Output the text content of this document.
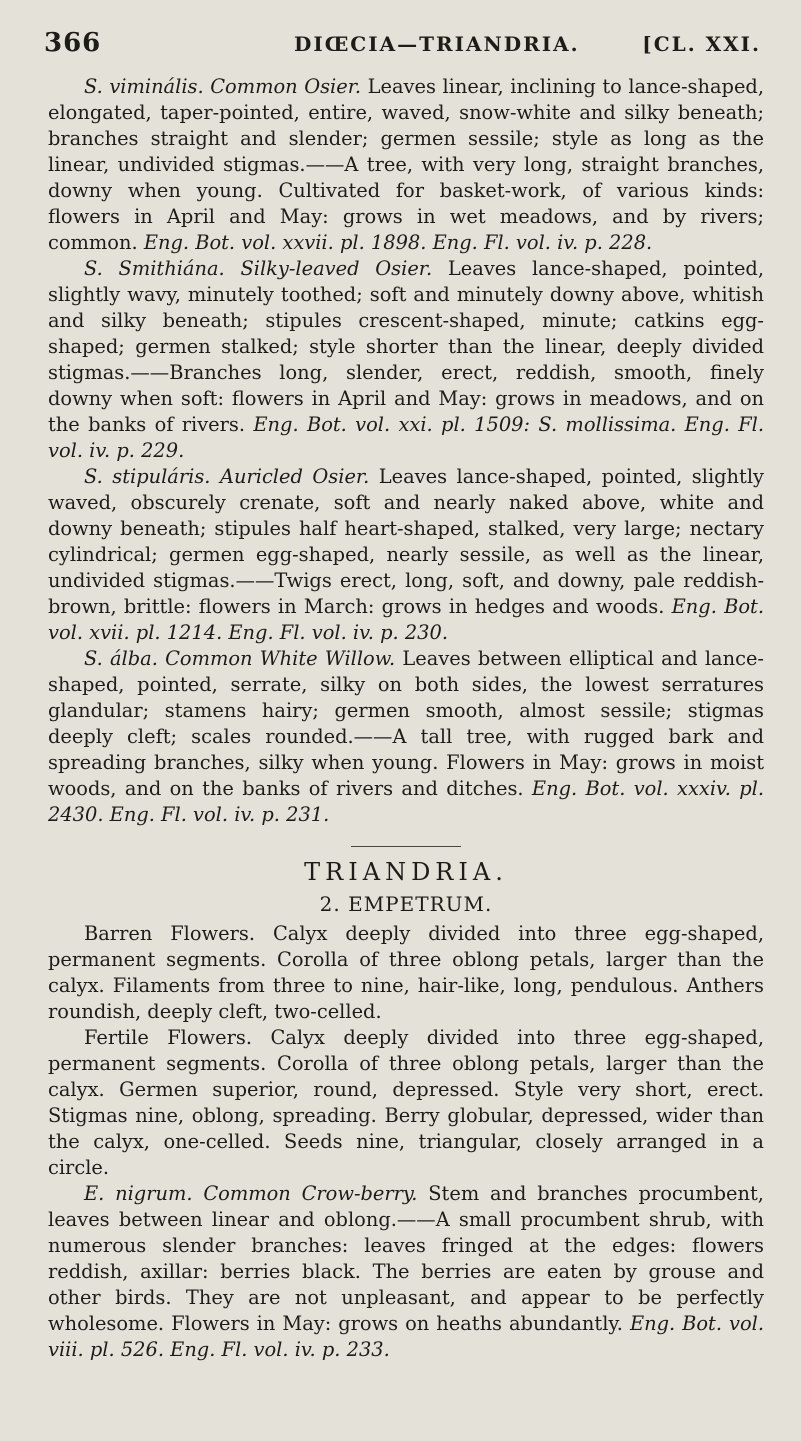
366	DIŒCIA—TRIANDRIA.	[CL. XXI.

S. viminális. Common Osier. Leaves linear, inclining to lance-shaped, elongated, taper-pointed, entire, waved, snow-white and silky beneath; branches straight and slender; germen sessile; style as long as the linear, undivided stigmas.——A tree, with very long, straight branches, downy when young. Cultivated for basket-work, of various kinds: flowers in April and May: grows in wet meadows, and by rivers; common. Eng. Bot. vol. xxvii. pl. 1898. Eng. Fl. vol. iv. p. 228.

S. Smithiána. Silky-leaved Osier. Leaves lance-shaped, pointed, slightly wavy, minutely toothed; soft and minutely downy above, whitish and silky beneath; stipules crescent-shaped, minute; catkins egg-shaped; germen stalked; style shorter than the linear, deeply divided stigmas.——Branches long, slender, erect, reddish, smooth, finely downy when soft: flowers in April and May: grows in meadows, and on the banks of rivers. Eng. Bot. vol. xxi. pl. 1509: S. mollissima. Eng. Fl. vol. iv. p. 229.

S. stipuláris. Auricled Osier. Leaves lance-shaped, pointed, slightly waved, obscurely crenate, soft and nearly naked above, white and downy beneath; stipules half heart-shaped, stalked, very large; nectary cylindrical; germen egg-shaped, nearly sessile, as well as the linear, undivided stigmas.——Twigs erect, long, soft, and downy, pale reddish-brown, brittle: flowers in March: grows in hedges and woods. Eng. Bot. vol. xvii. pl. 1214. Eng. Fl. vol. iv. p. 230.

S. álba. Common White Willow. Leaves between elliptical and lance-shaped, pointed, serrate, silky on both sides, the lowest serratures glandular; stamens hairy; germen smooth, almost sessile; stigmas deeply cleft; scales rounded.——A tall tree, with rugged bark and spreading branches, silky when young. Flowers in May: grows in moist woods, and on the banks of rivers and ditches. Eng. Bot. vol. xxxiv. pl. 2430. Eng. Fl. vol. iv. p. 231.

TRIANDRIA.

2. EMPETRUM.

Barren Flowers. Calyx deeply divided into three egg-shaped, permanent segments. Corolla of three oblong petals, larger than the calyx. Filaments from three to nine, hair-like, long, pendulous. Anthers roundish, deeply cleft, two-celled.

Fertile Flowers. Calyx deeply divided into three egg-shaped, permanent segments. Corolla of three oblong petals, larger than the calyx. Germen superior, round, depressed. Style very short, erect. Stigmas nine, oblong, spreading. Berry globular, depressed, wider than the calyx, one-celled. Seeds nine, triangular, closely arranged in a circle.

E. nigrum. Common Crow-berry. Stem and branches procumbent, leaves between linear and oblong.——A small procumbent shrub, with numerous slender branches: leaves fringed at the edges: flowers reddish, axillar: berries black. The berries are eaten by grouse and other birds. They are not unpleasant, and appear to be perfectly wholesome. Flowers in May: grows on heaths abundantly. Eng. Bot. vol. viii. pl. 526. Eng. Fl. vol. iv. p. 233.
